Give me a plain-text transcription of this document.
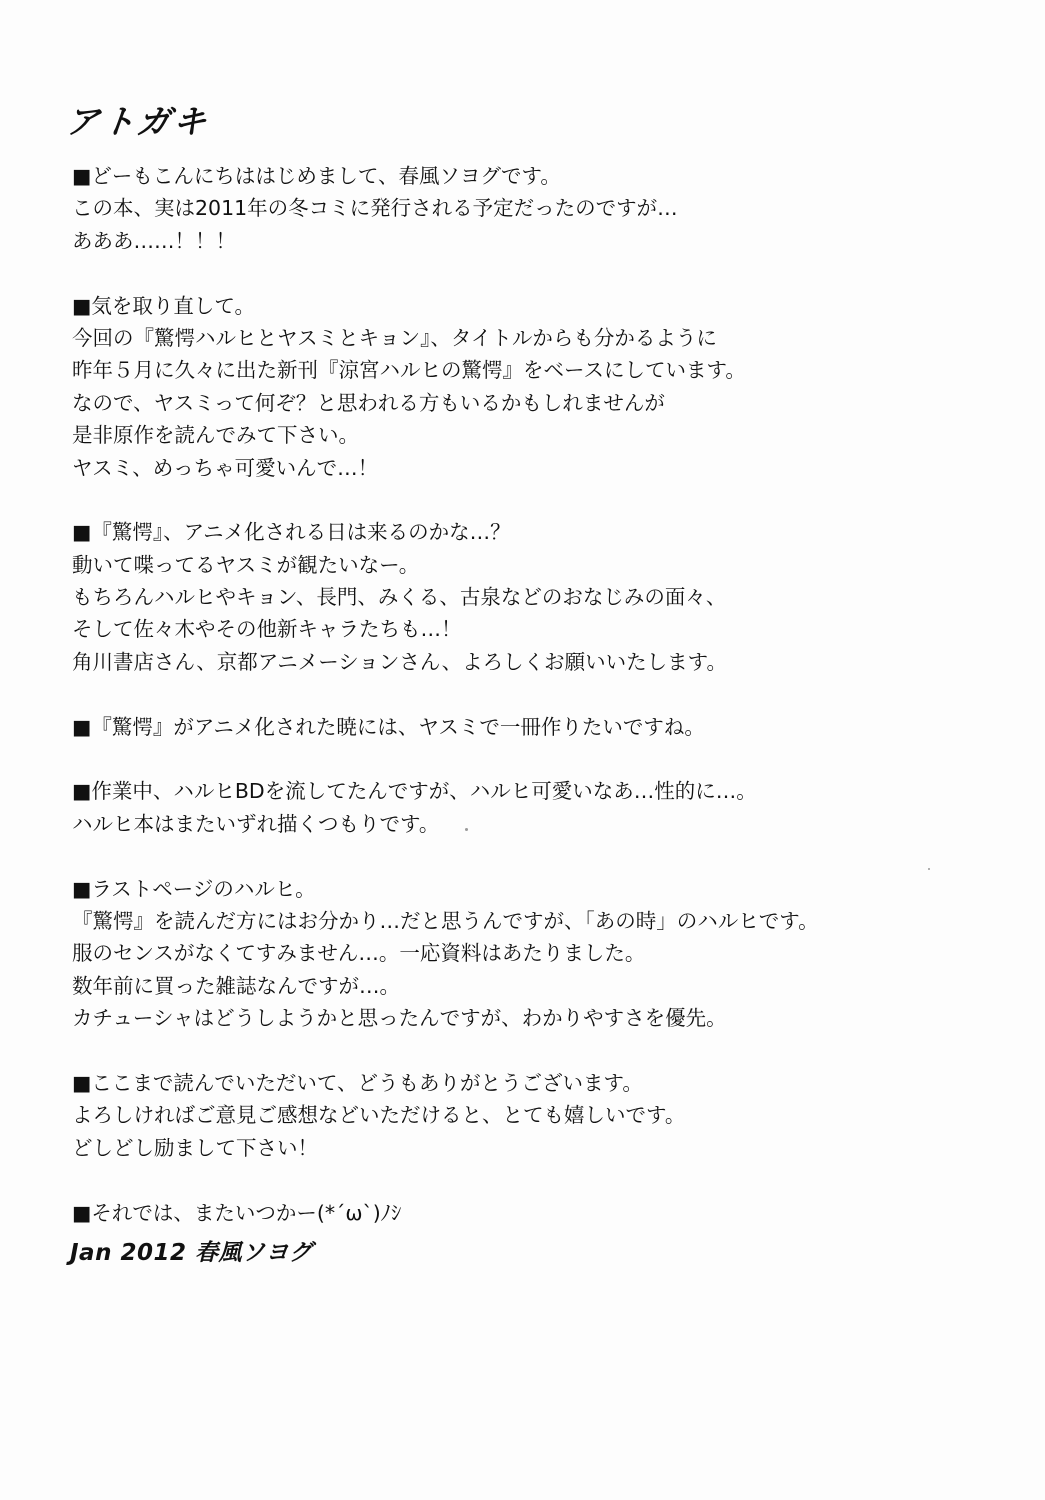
アトガキ
■どーもこんにちははじめまして、春風ソヨグです。
この本、実は2011年の冬コミに発行される予定だったのですが…
あああ……！！！
■気を取り直して。
今回の『驚愕ハルヒとヤスミとキョン』、タイトルからも分かるように
昨年５月に久々に出た新刊『涼宮ハルヒの驚愕』をベースにしています。
なので、ヤスミって何ぞ？と思われる方もいるかもしれませんが
是非原作を読んでみて下さい。
ヤスミ、めっちゃ可愛いんで…！
■『驚愕』、アニメ化される日は来るのかな…？
動いて喋ってるヤスミが観たいなー。
もちろんハルヒやキョン、長門、みくる、古泉などのおなじみの面々、
そして佐々木やその他新キャラたちも…！
角川書店さん、京都アニメーションさん、よろしくお願いいたします。
■『驚愕』がアニメ化された暁には、ヤスミで一冊作りたいですね。
■作業中、ハルヒBDを流してたんですが、ハルヒ可愛いなあ…性的に…。
ハルヒ本はまたいずれ描くつもりです。
■ラストページのハルヒ。
『驚愕』を読んだ方にはお分かり…だと思うんですが、「あの時」のハルヒです。
服のセンスがなくてすみません…。一応資料はあたりました。
数年前に買った雑誌なんですが…。
カチューシャはどうしようかと思ったんですが、わかりやすさを優先。
■ここまで読んでいただいて、どうもありがとうございます。
よろしければご意見ご感想などいただけると、とても嬉しいです。
どしどし励まして下さい！
■それでは、またいつかー(*´ω`)ﾉｼ
Jan 2012 春風ソヨグ
